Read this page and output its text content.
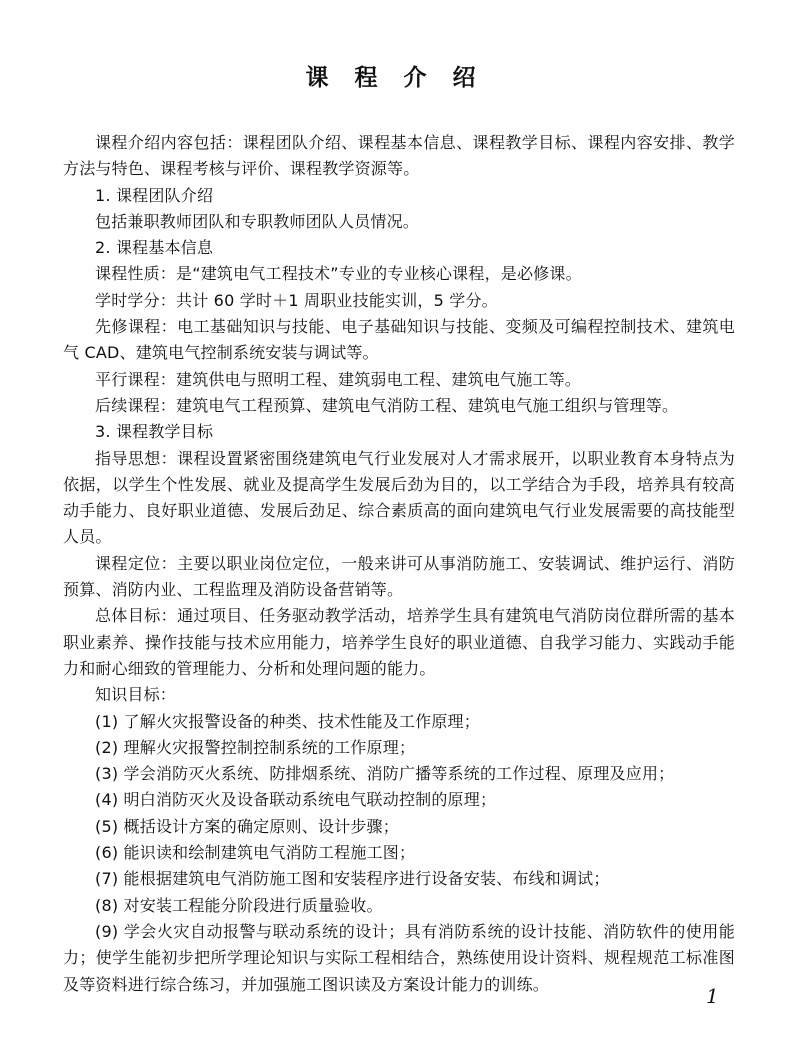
课 程 介 绍

课程介绍内容包括：课程团队介绍、课程基本信息、课程教学目标、课程内容安排、教学方法与特色、课程考核与评价、课程教学资源等。

1. 课程团队介绍

包括兼职教师团队和专职教师团队人员情况。

2. 课程基本信息

课程性质：是“建筑电气工程技术”专业的专业核心课程，是必修课。

学时学分：共计 60 学时＋1 周职业技能实训，5 学分。

先修课程：电工基础知识与技能、电子基础知识与技能、变频及可编程控制技术、建筑电气 CAD、建筑电气控制系统安装与调试等。

平行课程：建筑供电与照明工程、建筑弱电工程、建筑电气施工等。

后续课程：建筑电气工程预算、建筑电气消防工程、建筑电气施工组织与管理等。

3. 课程教学目标

指导思想：课程设置紧密围绕建筑电气行业发展对人才需求展开，以职业教育本身特点为依据，以学生个性发展、就业及提高学生发展后劲为目的，以工学结合为手段，培养具有较高动手能力、良好职业道德、发展后劲足、综合素质高的面向建筑电气行业发展需要的高技能型人员。

课程定位：主要以职业岗位定位，一般来讲可从事消防施工、安装调试、维护运行、消防预算、消防内业、工程监理及消防设备营销等。

总体目标：通过项目、任务驱动教学活动，培养学生具有建筑电气消防岗位群所需的基本职业素养、操作技能与技术应用能力，培养学生良好的职业道德、自我学习能力、实践动手能力和耐心细致的管理能力、分析和处理问题的能力。

知识目标：

(1) 了解火灾报警设备的种类、技术性能及工作原理；

(2) 理解火灾报警控制控制系统的工作原理；

(3) 学会消防灭火系统、防排烟系统、消防广播等系统的工作过程、原理及应用；

(4) 明白消防灭火及设备联动系统电气联动控制的原理；

(5) 概括设计方案的确定原则、设计步骤；

(6) 能识读和绘制建筑电气消防工程施工图；

(7) 能根据建筑电气消防施工图和安装程序进行设备安装、布线和调试；

(8) 对安装工程能分阶段进行质量验收。

(9) 学会火灾自动报警与联动系统的设计；具有消防系统的设计技能、消防软件的使用能力；使学生能初步把所学理论知识与实际工程相结合，熟练使用设计资料、规程规范工标准图及等资料进行综合练习，并加强施工图识读及方案设计能力的训练。	1
